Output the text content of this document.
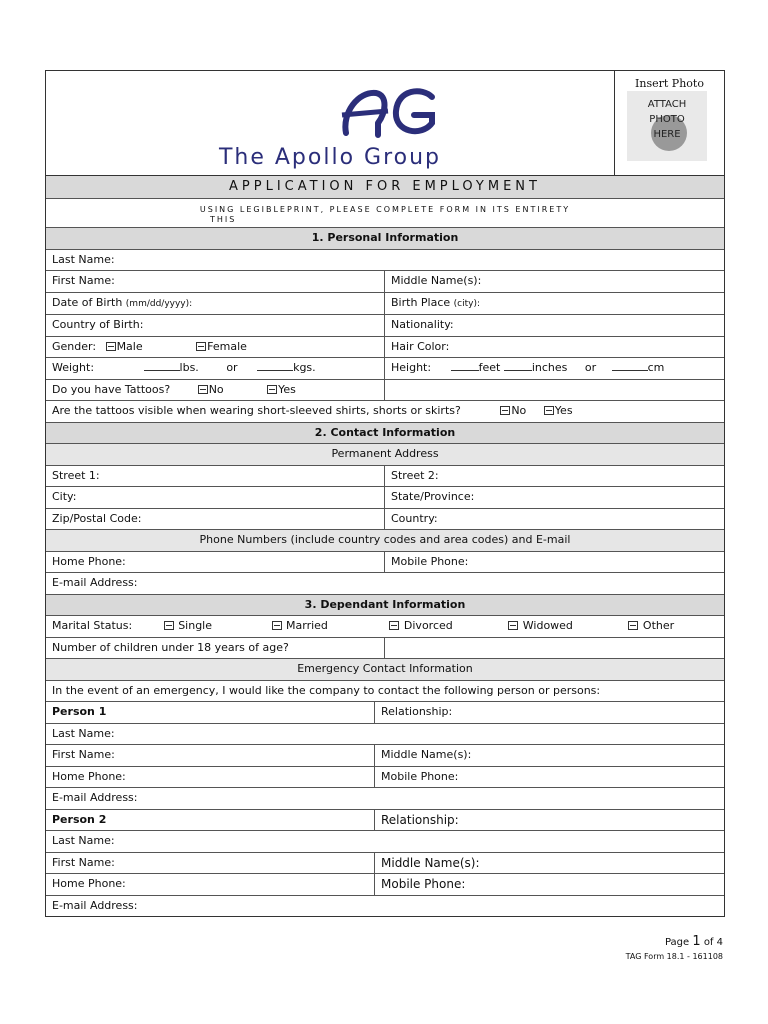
The Apollo Group
Insert Photo
ATTACH
PHOTO
HERE
APPLICATION FOR EMPLOYMENT
USING LEGIBLEPRINT, PLEASE COMPLETE FORM IN ITS ENTIRETY
THIS
1. Personal Information
Last Name:
First Name:	Middle Name(s):
Date of Birth (mm/dd/yyyy):	Birth Place (city):
Country of Birth:	Nationality:
Gender: Male	Female	Hair Color:
Weight:	lbs.	or	kgs.	Height:	feet	inches or	cm
Do you have Tattoos?	No	Yes
Are the tattoos visible when wearing short-sleeved shirts, shorts or skirts?	No	Yes
2. Contact Information
Permanent Address
Street 1:	Street 2:
City:	State/Province:
Zip/Postal Code:	Country:
Phone Numbers (include country codes and area codes) and E-mail
Home Phone:	Mobile Phone:
E-mail Address:
3. Dependant Information
Marital Status:	Single	Married	Divorced	Widowed	Other
Number of children under 18 years of age?
Emergency Contact Information
In the event of an emergency, I would like the company to contact the following person or persons:
Person 1	Relationship:
Last Name:
First Name:	Middle Name(s):
Home Phone:	Mobile Phone:
E-mail Address:
Person 2	Relationship:
Last Name:
First Name:	Middle Name(s):
Home Phone:	Mobile Phone:
E-mail Address:
Page 1 of 4
TAG Form 18.1 - 161108
